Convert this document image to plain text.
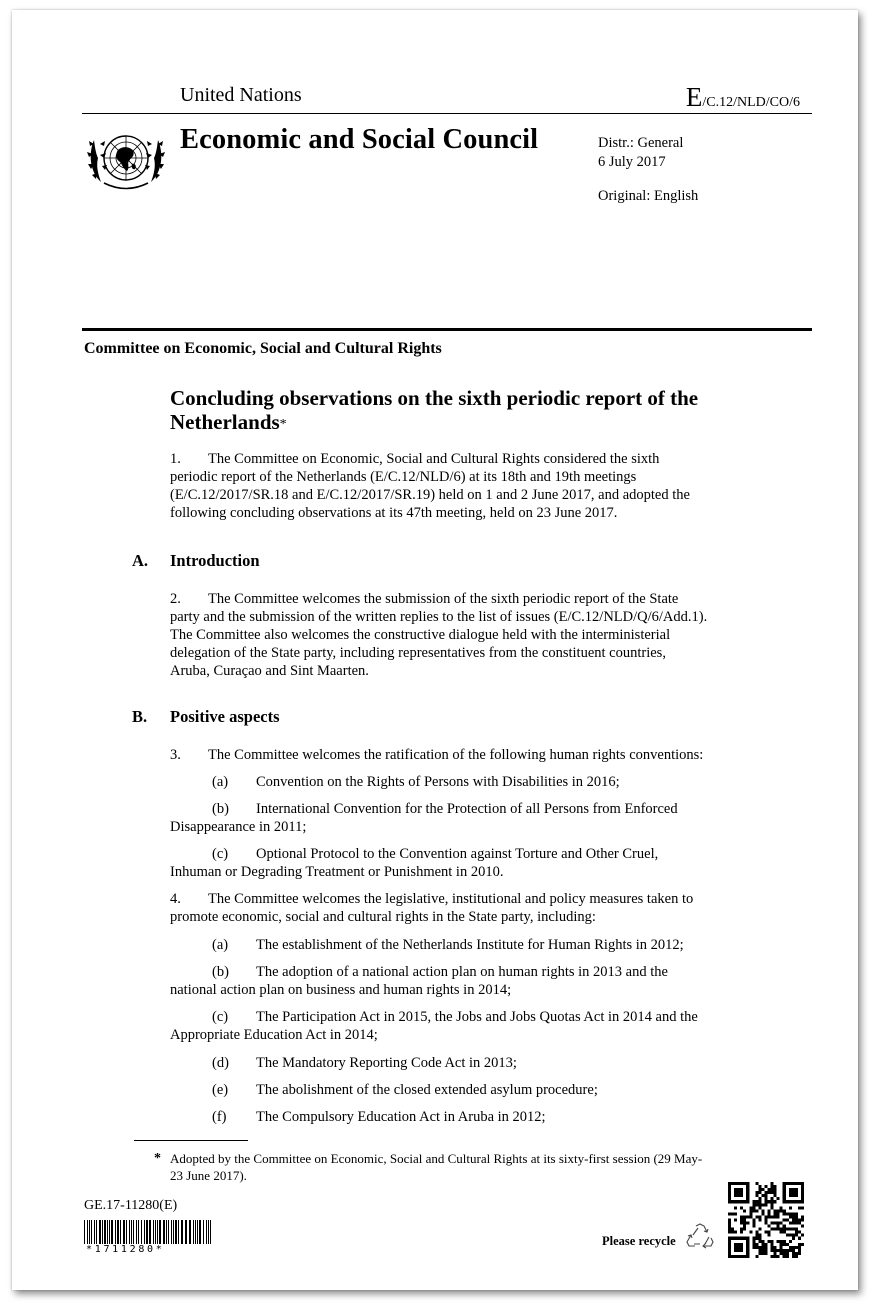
United Nations	E/C.12/NLD/CO/6
Economic and Social Council	Distr.: General
6 July 2017
Original: English
Committee on Economic, Social and Cultural Rights
Concluding observations on the sixth periodic report of the
Netherlands*
1. The Committee on Economic, Social and Cultural Rights considered the sixth
periodic report of the Netherlands (E/C.12/NLD/6) at its 18th and 19th meetings
(E/C.12/2017/SR.18 and E/C.12/2017/SR.19) held on 1 and 2 June 2017, and adopted the
following concluding observations at its 47th meeting, held on 23 June 2017.
A. Introduction
2. The Committee welcomes the submission of the sixth periodic report of the State
party and the submission of the written replies to the list of issues (E/C.12/NLD/Q/6/Add.1).
The Committee also welcomes the constructive dialogue held with the interministerial
delegation of the State party, including representatives from the constituent countries,
Aruba, Curaçao and Sint Maarten.
B. Positive aspects
3. The Committee welcomes the ratification of the following human rights conventions:
(a) Convention on the Rights of Persons with Disabilities in 2016;
(b) International Convention for the Protection of all Persons from Enforced
Disappearance in 2011;
(c) Optional Protocol to the Convention against Torture and Other Cruel,
Inhuman or Degrading Treatment or Punishment in 2010.
4. The Committee welcomes the legislative, institutional and policy measures taken to
promote economic, social and cultural rights in the State party, including:
(a) The establishment of the Netherlands Institute for Human Rights in 2012;
(b) The adoption of a national action plan on human rights in 2013 and the
national action plan on business and human rights in 2014;
(c) The Participation Act in 2015, the Jobs and Jobs Quotas Act in 2014 and the
Appropriate Education Act in 2014;
(d) The Mandatory Reporting Code Act in 2013;
(e) The abolishment of the closed extended asylum procedure;
(f) The Compulsory Education Act in Aruba in 2012;
* Adopted by the Committee on Economic, Social and Cultural Rights at its sixty-first session (29 May-
23 June 2017).
GE.17-11280(E)
*1711280*
Please recycle
